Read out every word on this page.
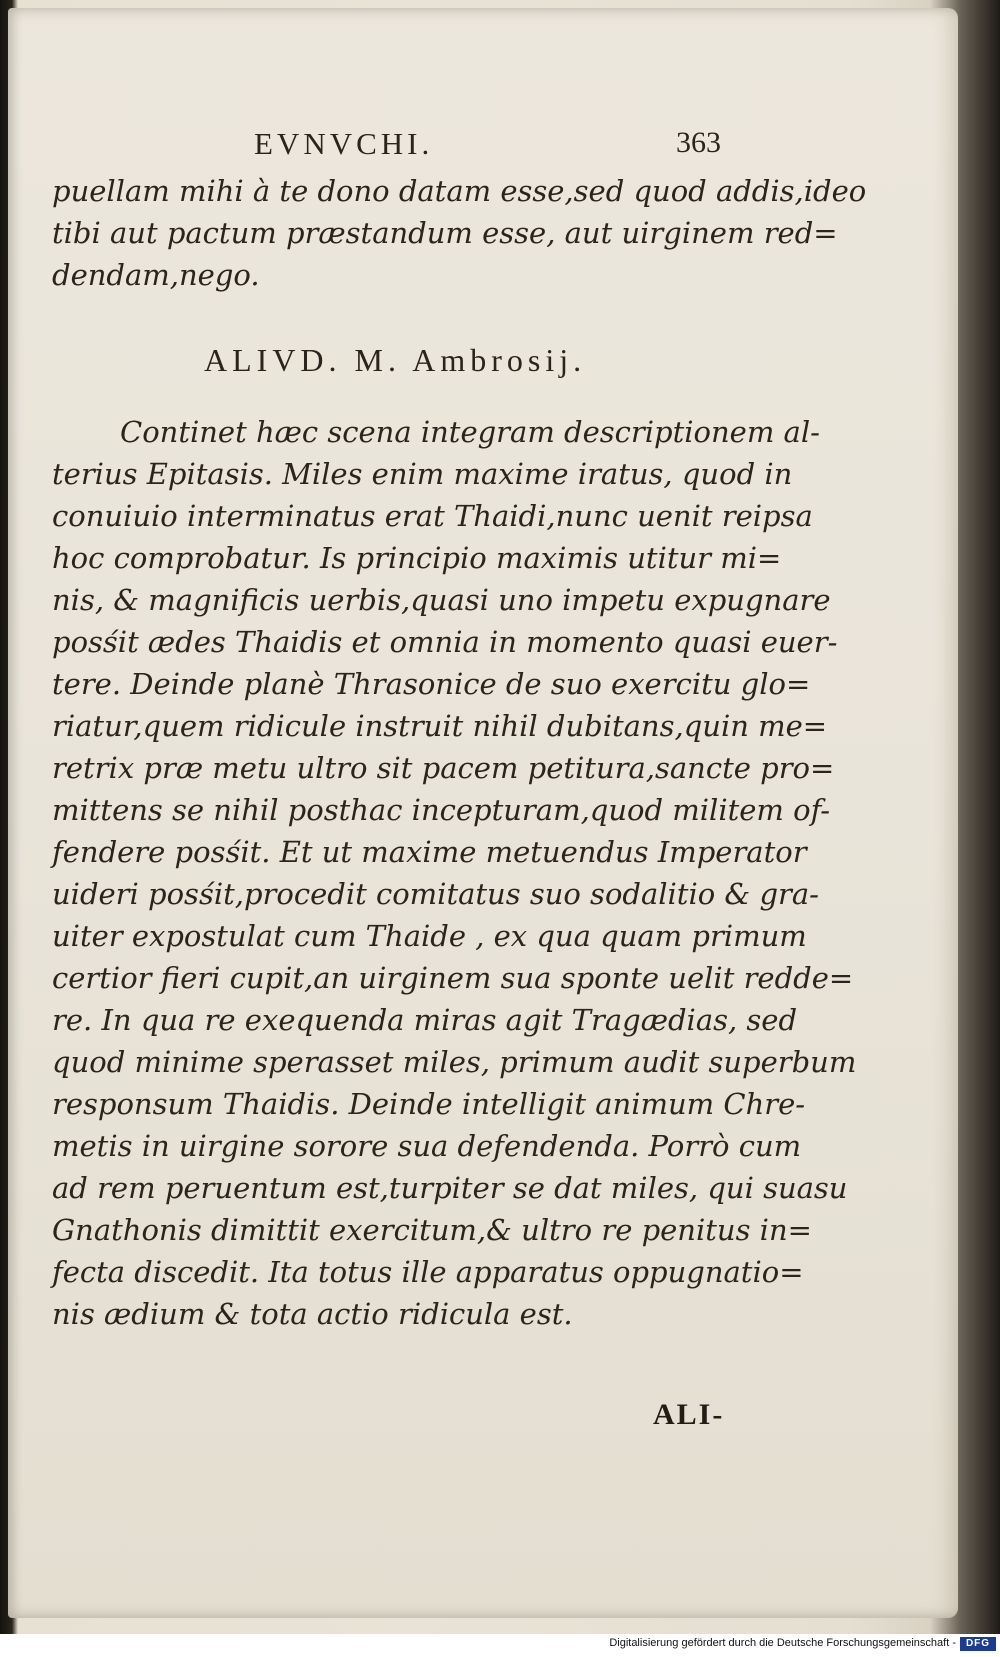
EVNVCHI.	363

puellam mihi à te dono datam esse,sed quod addis,ideo

tibi aut pactum præstandum esse, aut uirginem red=

dendam,nego.

ALIVD. M. Ambrosij.

Continet hæc scena integram descriptionem al-

terius Epitasis. Miles enim maxime iratus, quod in

conuiuio interminatus erat Thaidi,nunc uenit reipsa

hoc comprobatur. Is principio maximis utitur mi=

nis, & magnificis uerbis,quasi uno impetu expugnare

posśit ædes Thaidis et omnia in momento quasi euer-

tere. Deinde planè Thrasonice de suo exercitu glo=

riatur,quem ridicule instruit nihil dubitans,quin me=

retrix præ metu ultro sit pacem petitura,sancte pro=

mittens se nihil posthac incepturam,quod militem of-

fendere posśit. Et ut maxime metuendus Imperator

uideri posśit,procedit comitatus suo sodalitio & gra-

uiter expostulat cum Thaide , ex qua quam primum

certior fieri cupit,an uirginem sua sponte uelit redde=

re. In qua re exequenda miras agit Tragædias, sed

quod minime sperasset miles, primum audit superbum

responsum Thaidis. Deinde intelligit animum Chre-

metis in uirgine sorore sua defendenda. Porrò cum

ad rem peruentum est,turpiter se dat miles, qui suasu

Gnathonis dimittit exercitum,& ultro re penitus in=

fecta discedit. Ita totus ille apparatus oppugnatio=

nis ædium & tota actio ridicula est.

ALI-
Digitalisierung gefördert durch die Deutsche Forschungsgemeinschaft - DFG
